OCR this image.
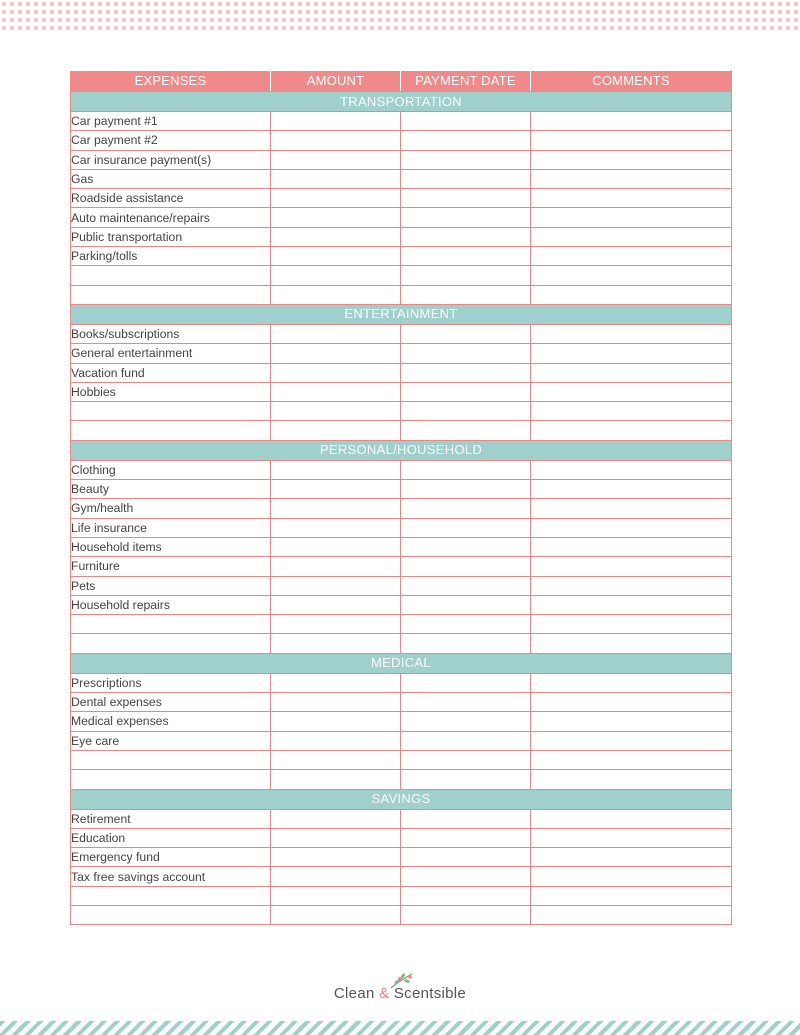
EXPENSES	AMOUNT	PAYMENT DATE	COMMENTS
TRANSPORTATION			
Car payment #1			
Car payment #2			
Car insurance payment(s)			
Gas			
Roadside assistance			
Auto maintenance/repairs			
Public transportation			
Parking/tolls			

ENTERTAINMENT			
Books/subscriptions			
General entertainment			
Vacation fund			
Hobbies			

PERSONAL/HOUSEHOLD			
Clothing			
Beauty			
Gym/health			
Life insurance			
Household items			
Furniture			
Pets			
Household repairs			

MEDICAL			
Prescriptions			
Dental expenses			
Medical expenses			
Eye care			

SAVINGS			
Retirement			
Education			
Emergency fund			
Tax free savings account			

Clean & Scentsible
